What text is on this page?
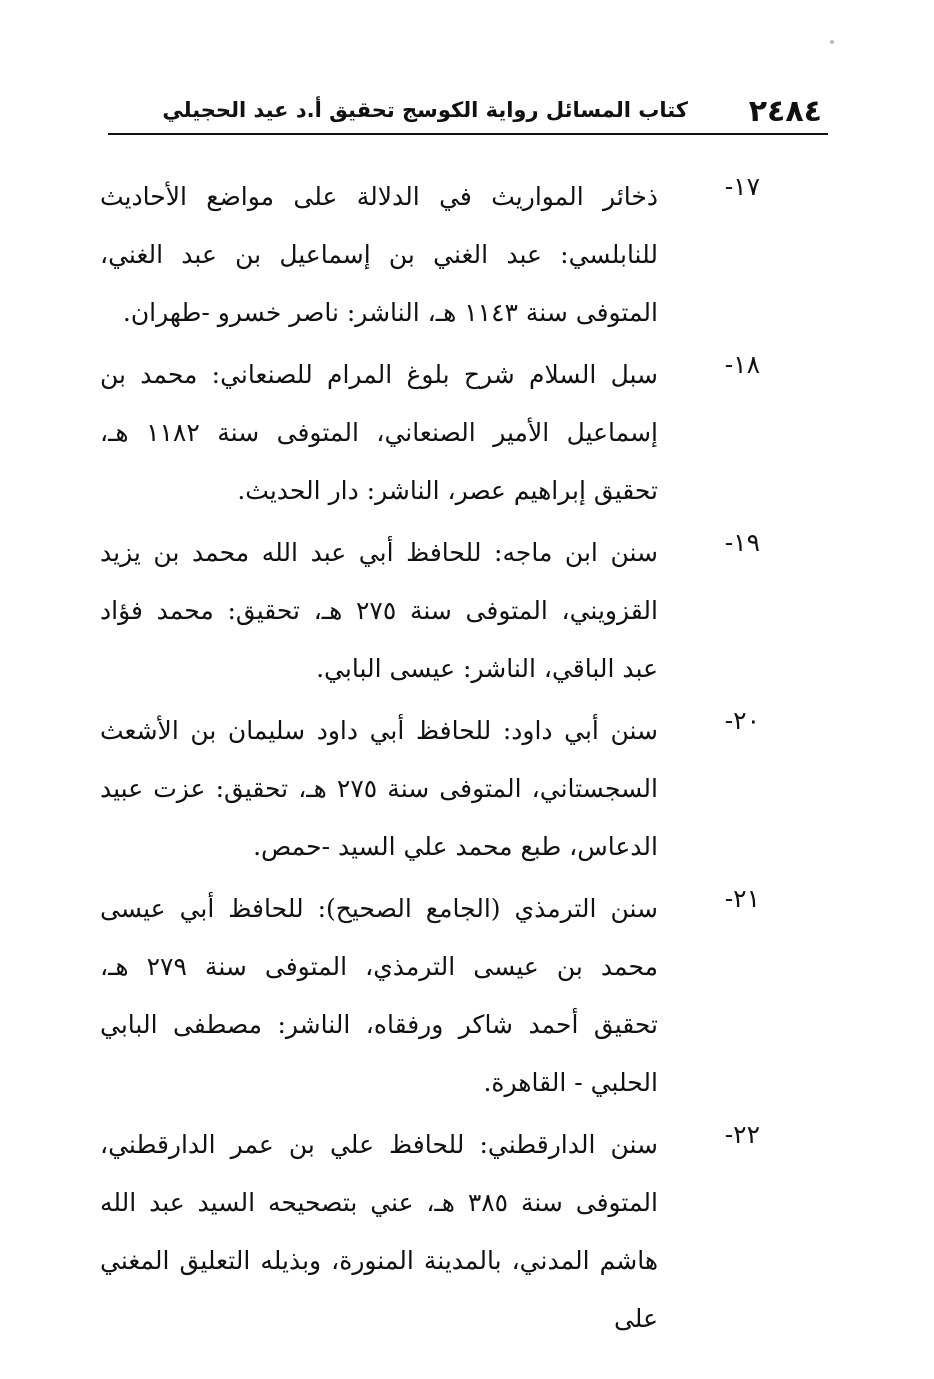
٢٤٨٤
كتاب المسائل رواية الكوسج تحقيق أ.د عيد الحجيلي
١٧-
ذخائر المواريث في الدلالة على مواضع الأحاديث للنابلسي: عبد الغني بن إسماعيل بن عبد الغني، المتوفى سنة ١١٤٣ هـ، الناشر: ناصر خسرو -طهران.
١٨-
سبل السلام شرح بلوغ المرام للصنعاني: محمد بن إسماعيل الأمير الصنعاني، المتوفى سنة ١١٨٢ هـ، تحقيق إبراهيم عصر، الناشر: دار الحديث.
١٩-
سنن ابن ماجه: للحافظ أبي عبد الله محمد بن يزيد القزويني، المتوفى سنة ٢٧٥ هـ، تحقيق: محمد فؤاد عبد الباقي، الناشر: عيسى البابي.
٢٠-
سنن أبي داود: للحافظ أبي داود سليمان بن الأشعث السجستاني، المتوفى سنة ٢٧٥ هـ، تحقيق: عزت عبيد الدعاس، طبع محمد علي السيد -حمص.
٢١-
سنن الترمذي (الجامع الصحيح): للحافظ أبي عيسى محمد بن عيسى الترمذي، المتوفى سنة ٢٧٩ هـ، تحقيق أحمد شاكر ورفقاه، الناشر: مصطفى البابي الحلبي - القاهرة.
٢٢-
سنن الدارقطني: للحافظ علي بن عمر الدارقطني، المتوفى سنة ٣٨٥ هـ، عني بتصحيحه السيد عبد الله هاشم المدني، بالمدينة المنورة، وبذيله التعليق المغني على
